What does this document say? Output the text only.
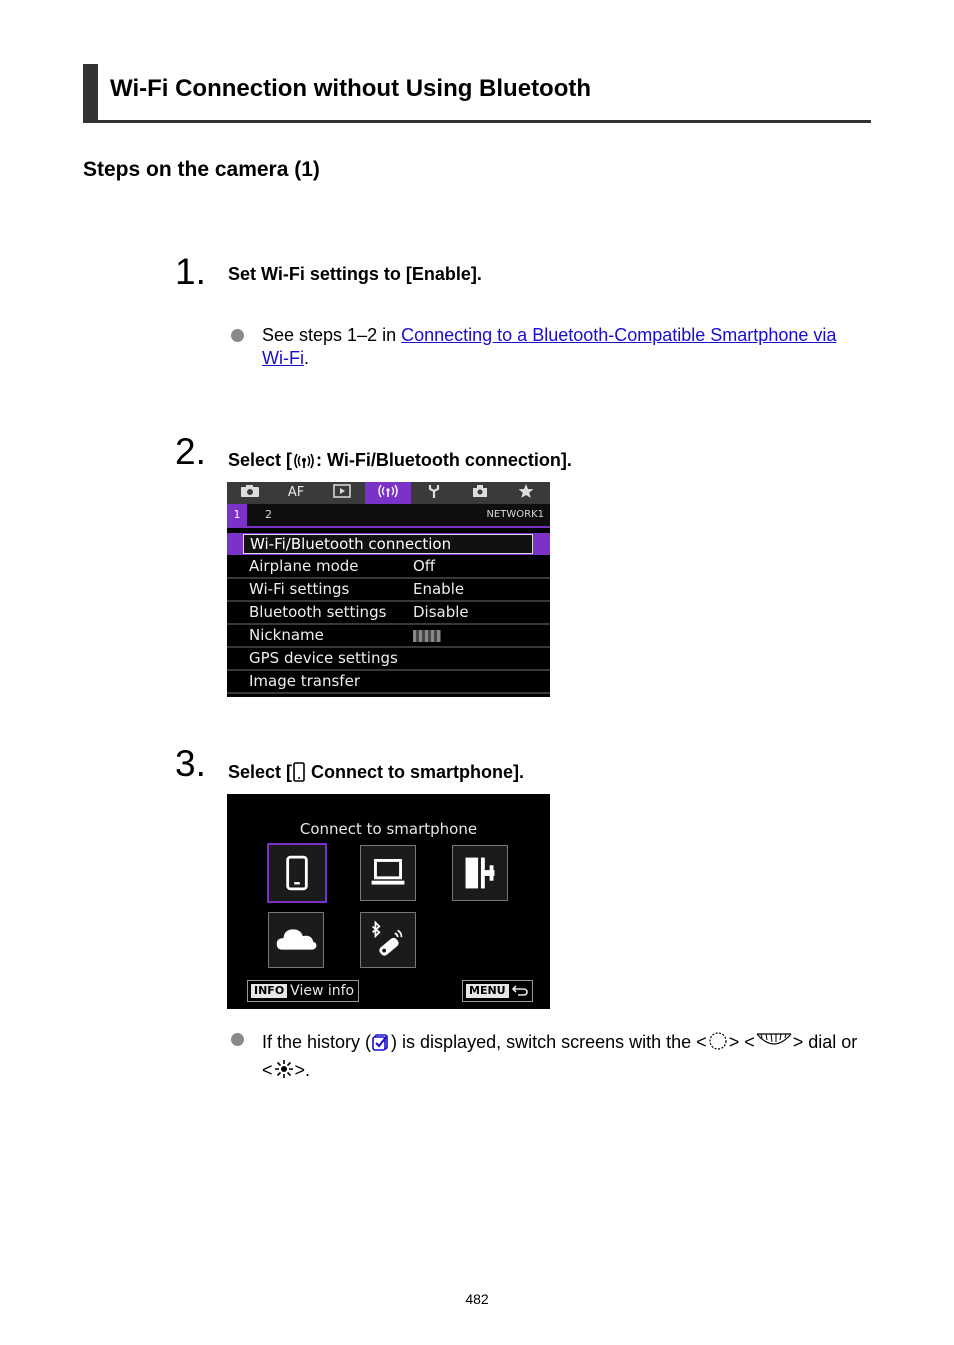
Wi-Fi Connection without Using Bluetooth
Steps on the camera (1)
1. Set Wi-Fi settings to [Enable].
See steps 1–2 in Connecting to a Bluetooth-Compatible Smartphone via Wi-Fi.
2. Select [ : Wi-Fi/Bluetooth connection].
AF
1	2	NETWORK1
Wi-Fi/Bluetooth connection
Airplane mode	Off
Wi-Fi settings	Enable
Bluetooth settings Disable
Nickname
GPS device settings
Image transfer
3. Select [ Connect to smartphone].
Connect to smartphone
INFO View info	MENU
If the history ( ) is displayed, switch screens with the < > < > dial or < >.
482
